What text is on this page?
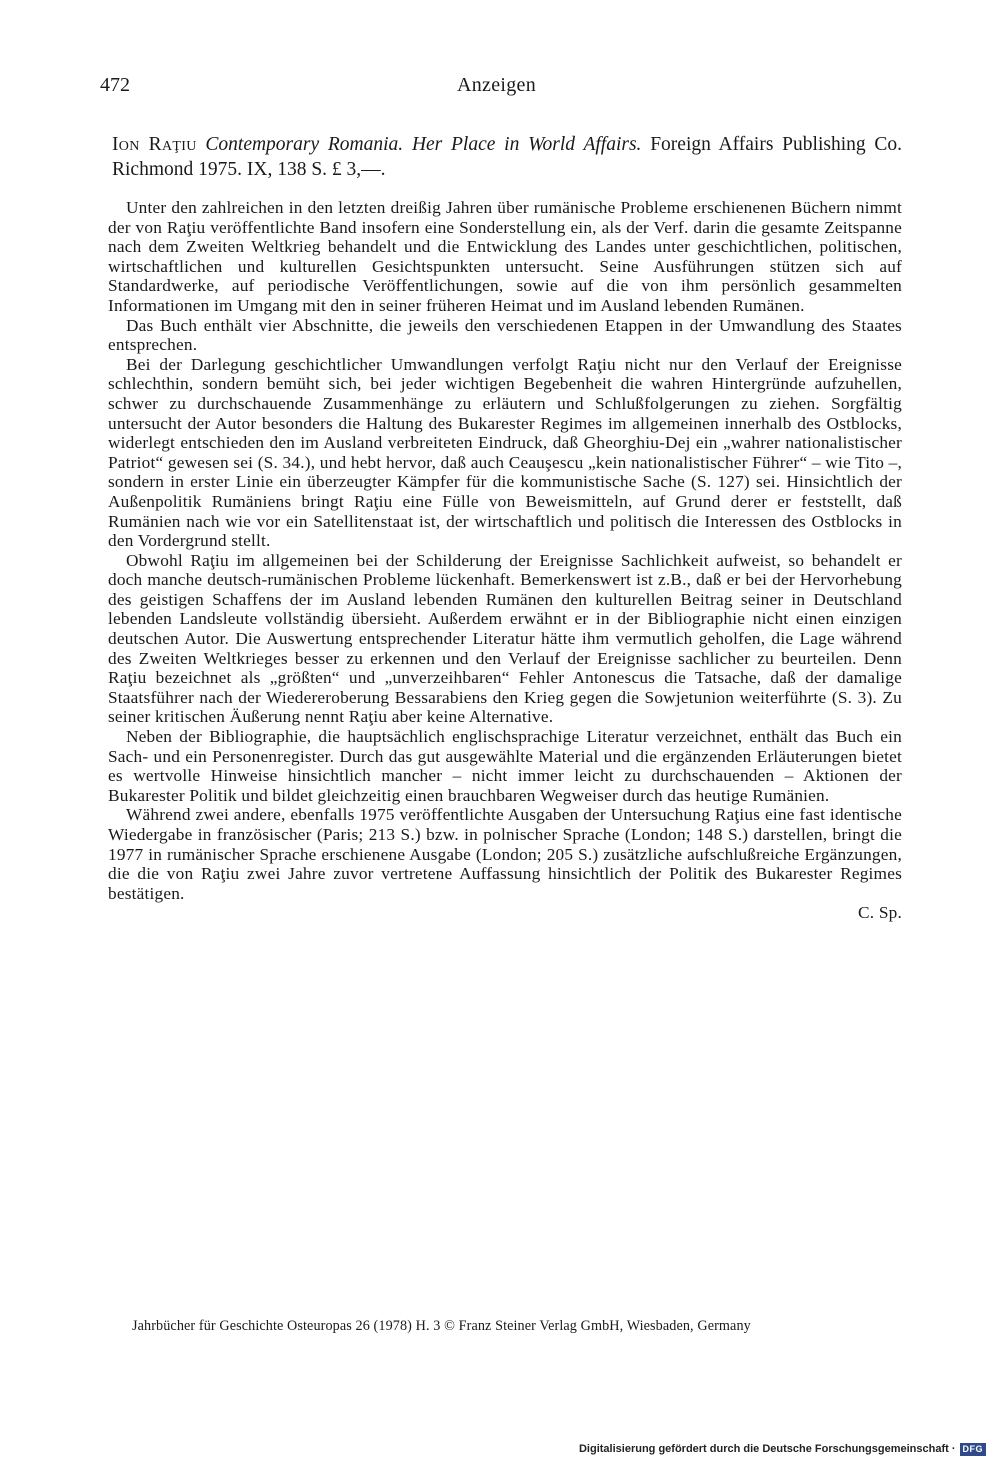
472	Anzeigen
Ion Raţiu Contemporary Romania. Her Place in World Affairs. Foreign Affairs Publishing Co. Richmond 1975. IX, 138 S. £ 3,—.

Unter den zahlreichen in den letzten dreißig Jahren über rumänische Probleme erschienenen Büchern nimmt der von Raţiu veröffentlichte Band insofern eine Sonderstellung ein, als der Verf. darin die gesamte Zeitspanne nach dem Zweiten Weltkrieg behandelt und die Entwicklung des Landes unter geschichtlichen, politischen, wirtschaftlichen und kulturellen Gesichtspunkten untersucht. Seine Ausführungen stützen sich auf Standardwerke, auf periodische Veröffentlichungen, sowie auf die von ihm persönlich gesammelten Informationen im Umgang mit den in seiner früheren Heimat und im Ausland lebenden Rumänen.

Das Buch enthält vier Abschnitte, die jeweils den verschiedenen Etappen in der Umwandlung des Staates entsprechen.

Bei der Darlegung geschichtlicher Umwandlungen verfolgt Raţiu nicht nur den Verlauf der Ereignisse schlechthin, sondern bemüht sich, bei jeder wichtigen Begebenheit die wahren Hintergründe aufzuhellen, schwer zu durchschauende Zusammenhänge zu erläutern und Schlußfolgerungen zu ziehen. Sorgfältig untersucht der Autor besonders die Haltung des Bukarester Regimes im allgemeinen innerhalb des Ostblocks, widerlegt entschieden den im Ausland verbreiteten Eindruck, daß Gheorghiu-Dej ein „wahrer nationalistischer Patriot“ gewesen sei (S. 34.), und hebt hervor, daß auch Ceauşescu „kein nationalistischer Führer“ – wie Tito –, sondern in erster Linie ein überzeugter Kämpfer für die kommunistische Sache (S. 127) sei. Hinsichtlich der Außenpolitik Rumäniens bringt Raţiu eine Fülle von Beweismitteln, auf Grund derer er feststellt, daß Rumänien nach wie vor ein Satellitenstaat ist, der wirtschaftlich und politisch die Interessen des Ostblocks in den Vordergrund stellt.

Obwohl Raţiu im allgemeinen bei der Schilderung der Ereignisse Sachlichkeit aufweist, so behandelt er doch manche deutsch-rumänischen Probleme lückenhaft. Bemerkenswert ist z.B., daß er bei der Hervorhebung des geistigen Schaffens der im Ausland lebenden Rumänen den kulturellen Beitrag seiner in Deutschland lebenden Landsleute vollständig übersieht. Außerdem erwähnt er in der Bibliographie nicht einen einzigen deutschen Autor. Die Auswertung entsprechender Literatur hätte ihm vermutlich geholfen, die Lage während des Zweiten Weltkrieges besser zu erkennen und den Verlauf der Ereignisse sachlicher zu beurteilen. Denn Raţiu bezeichnet als „größten“ und „unverzeihbaren“ Fehler Antonescus die Tatsache, daß der damalige Staatsführer nach der Wiedereroberung Bessarabiens den Krieg gegen die Sowjetunion weiterführte (S. 3). Zu seiner kritischen Äußerung nennt Raţiu aber keine Alternative.

Neben der Bibliographie, die hauptsächlich englischsprachige Literatur verzeichnet, enthält das Buch ein Sach- und ein Personenregister. Durch das gut ausgewählte Material und die ergänzenden Erläuterungen bietet es wertvolle Hinweise hinsichtlich mancher – nicht immer leicht zu durchschauenden – Aktionen der Bukarester Politik und bildet gleichzeitig einen brauchbaren Wegweiser durch das heutige Rumänien.

Während zwei andere, ebenfalls 1975 veröffentlichte Ausgaben der Untersuchung Raţius eine fast identische Wiedergabe in französischer (Paris; 213 S.) bzw. in polnischer Sprache (London; 148 S.) darstellen, bringt die 1977 in rumänischer Sprache erschienene Ausgabe (London; 205 S.) zusätzliche aufschlußreiche Ergänzungen, die die von Raţiu zwei Jahre zuvor vertretene Auffassung hinsichtlich der Politik des Bukarester Regimes bestätigen.

C. Sp.
Jahrbücher für Geschichte Osteuropas 26 (1978) H. 3 © Franz Steiner Verlag GmbH, Wiesbaden, Germany
Digitalisierung gefördert durch die Deutsche Forschungsgemeinschaft · DFG
